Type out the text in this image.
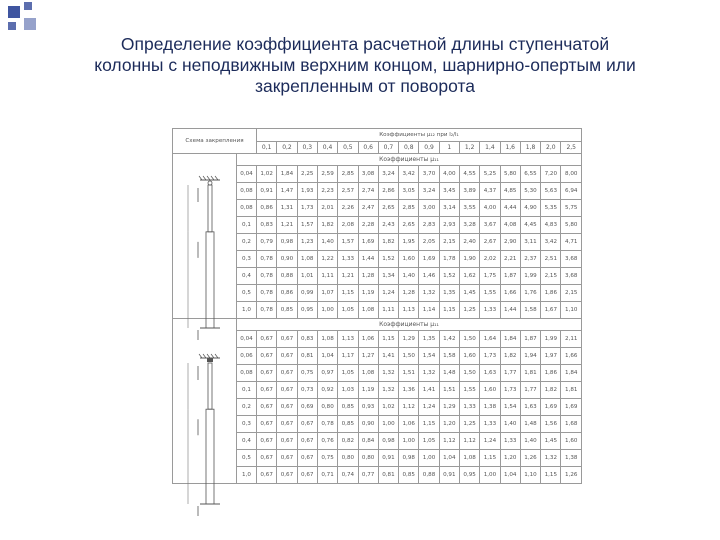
Определение коэффициента расчетной длины ступенчатой
колонны с неподвижным верхним концом, шарнирно-опертым или
закрепленным от поворота
Схема закрепления		Коэффициенты μ₁₂ при l₂/l₁															
		0,1	0,2	0,3	0,4	0,5	0,6	0,7	0,8	0,9	1	1,2	1,4	1,6	1,8	2,0	2,5
	Коэффициенты μ₁₁																
	0,04	1,02	1,84	2,25	2,59	2,85	3,08	3,24	3,42	3,70	4,00	4,55	5,25	5,80	6,55	7,20	8,00
	0,08	0,91	1,47	1,93	2,23	2,57	2,74	2,86	3,05	3,24	3,45	3,89	4,37	4,85	5,30	5,63	6,94
	0,08	0,86	1,31	1,73	2,01	2,26	2,47	2,65	2,85	3,00	3,14	3,55	4,00	4,44	4,90	5,35	5,75
	0,1	0,83	1,21	1,57	1,82	2,08	2,28	2,43	2,65	2,83	2,93	3,28	3,67	4,08	4,45	4,83	5,80
	0,2	0,79	0,98	1,23	1,40	1,57	1,69	1,82	1,95	2,05	2,15	2,40	2,67	2,90	3,11	3,42	4,71
	0,3	0,78	0,90	1,08	1,22	1,33	1,44	1,52	1,60	1,69	1,78	1,90	2,02	2,21	2,37	2,51	3,68
	0,4	0,78	0,88	1,01	1,11	1,21	1,28	1,34	1,40	1,46	1,52	1,62	1,75	1,87	1,99	2,15	3,68
	0,5	0,78	0,86	0,99	1,07	1,15	1,19	1,24	1,28	1,32	1,35	1,45	1,55	1,66	1,76	1,86	2,15
	1,0	0,78	0,85	0,95	1,00	1,05	1,08	1,11	1,13	1,14	1,15	1,25	1,33	1,44	1,58	1,67	1,10
	Коэффициенты μ₁₁																
	0,04	0,67	0,67	0,83	1,08	1,13	1,06	1,15	1,29	1,35	1,42	1,50	1,64	1,84	1,87	1,99	2,11
	0,06	0,67	0,67	0,81	1,04	1,17	1,27	1,41	1,50	1,54	1,58	1,60	1,73	1,82	1,94	1,97	1,66
	0,08	0,67	0,67	0,75	0,97	1,05	1,08	1,32	1,51	1,32	1,48	1,50	1,63	1,77	1,81	1,86	1,84
	0,1	0,67	0,67	0,73	0,92	1,03	1,19	1,32	1,36	1,41	1,51	1,55	1,60	1,73	1,77	1,82	1,81
	0,2	0,67	0,67	0,69	0,80	0,85	0,93	1,02	1,12	1,24	1,29	1,33	1,38	1,54	1,63	1,69	1,69
	0,3	0,67	0,67	0,67	0,78	0,85	0,90	1,00	1,06	1,15	1,20	1,25	1,33	1,40	1,48	1,56	1,68
	0,4	0,67	0,67	0,67	0,76	0,82	0,84	0,98	1,00	1,05	1,12	1,12	1,24	1,33	1,40	1,45	1,60
	0,5	0,67	0,67	0,67	0,75	0,80	0,80	0,91	0,98	1,00	1,04	1,08	1,15	1,20	1,26	1,32	1,38
	1,0	0,67	0,67	0,67	0,71	0,74	0,77	0,81	0,85	0,88	0,91	0,95	1,00	1,04	1,10	1,15	1,26
